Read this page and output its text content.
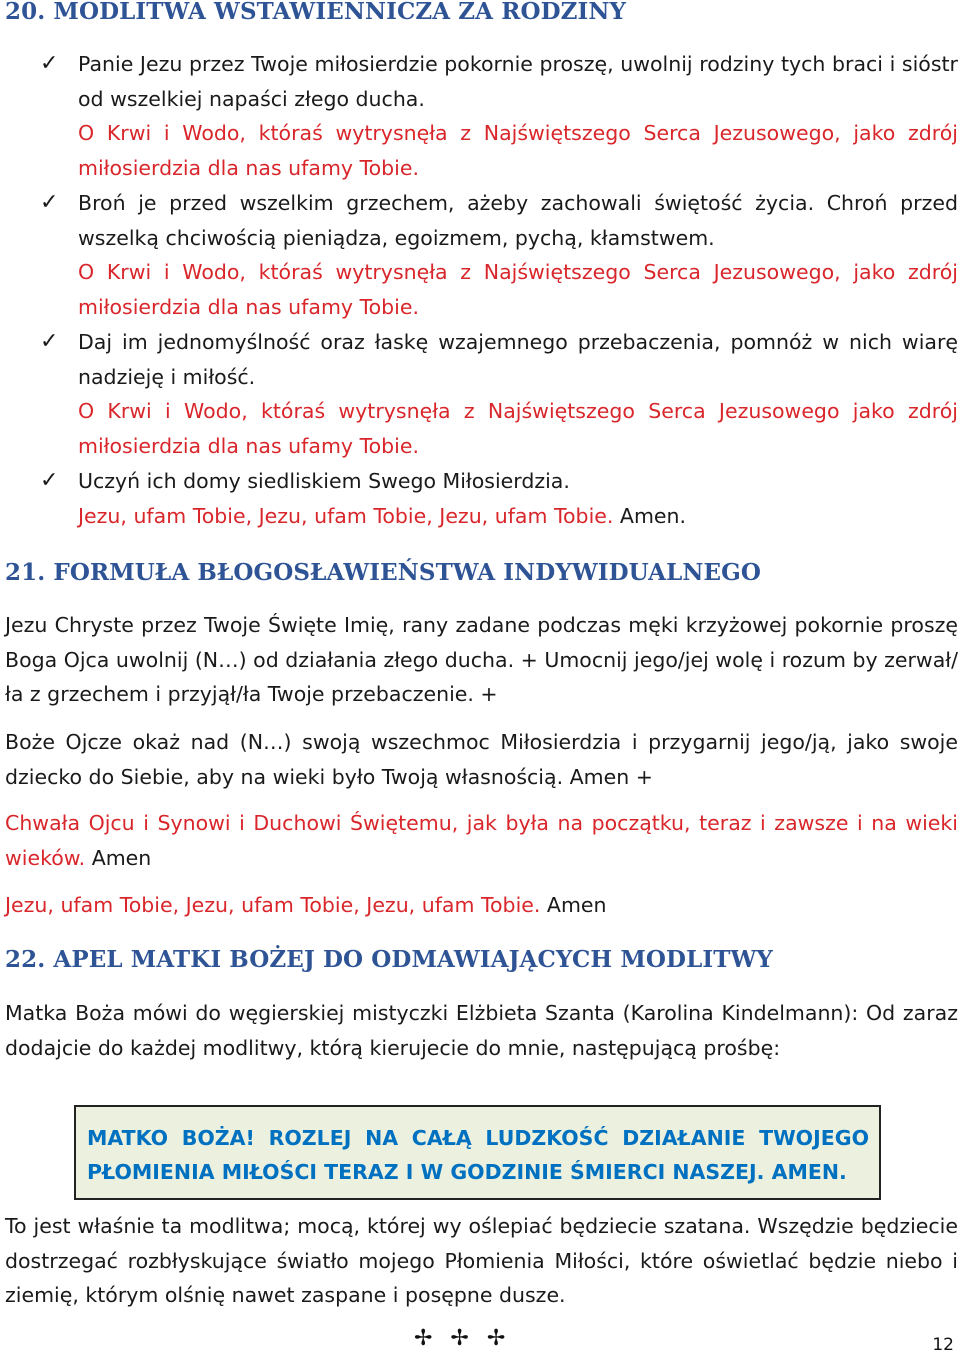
20. MODLITWA WSTAWIENNICZA ZA RODZINY
✓ Panie Jezu przez Twoje miłosierdzie pokornie proszę, uwolnij rodziny tych braci i sióstr od wszelkiej napaści złego ducha.
O Krwi i Wodo, któraś wytrysnęła z Najświętszego Serca Jezusowego, jako zdrój miłosierdzia dla nas ufamy Tobie.
✓ Broń je przed wszelkim grzechem, ażeby zachowali świętość życia. Chroń przed wszelką chciwością pieniądza, egoizmem, pychą, kłamstwem.
O Krwi i Wodo, któraś wytrysnęła z Najświętszego Serca Jezusowego, jako zdrój miłosierdzia dla nas ufamy Tobie.
✓ Daj im jednomyślność oraz łaskę wzajemnego przebaczenia, pomnóż w nich wiarę nadzieję i miłość.
O Krwi i Wodo, któraś wytrysnęła z Najświętszego Serca Jezusowego jako zdrój miłosierdzia dla nas ufamy Tobie.
✓ Uczyń ich domy siedliskiem Swego Miłosierdzia.
Jezu, ufam Tobie, Jezu, ufam Tobie, Jezu, ufam Tobie. Amen.
21. FORMUŁA BŁOGOSŁAWIEŃSTWA INDYWIDUALNEGO
Jezu Chryste przez Twoje Święte Imię, rany zadane podczas męki krzyżowej pokornie proszę Boga Ojca uwolnij (N…) od działania złego ducha. + Umocnij jego/jej wolę i rozum by zerwał/ła z grzechem i przyjął/ła Twoje przebaczenie. +
Boże Ojcze okaż nad (N…) swoją wszechmoc Miłosierdzia i przygarnij jego/ją, jako swoje dziecko do Siebie, aby na wieki było Twoją własnością. Amen +
Chwała Ojcu i Synowi i Duchowi Świętemu, jak była na początku, teraz i zawsze i na wieki wieków. Amen
Jezu, ufam Tobie, Jezu, ufam Tobie, Jezu, ufam Tobie. Amen
22. APEL MATKI BOŻEJ DO ODMAWIAJĄCYCH MODLITWY
Matka Boża mówi do węgierskiej mistyczki Elżbieta Szanta (Karolina Kindelmann): Od zaraz dodajcie do każdej modlitwy, którą kierujecie do mnie, następującą prośbę:
MATKO BOŻA! ROZLEJ NA CAŁĄ LUDZKOŚĆ DZIAŁANIE TWOJEGO
PŁOMIENIA MIŁOŚCI TERAZ I W GODZINIE ŚMIERCI NASZEJ. AMEN.
To jest właśnie ta modlitwa; mocą, której wy oślepiać będziecie szatana. Wszędzie będziecie dostrzegać rozbłyskujące światło mojego Płomienia Miłości, które oświetlać będzie niebo i ziemię, którym olśnię nawet zaspane i posępne dusze.
✢✢✢	12
